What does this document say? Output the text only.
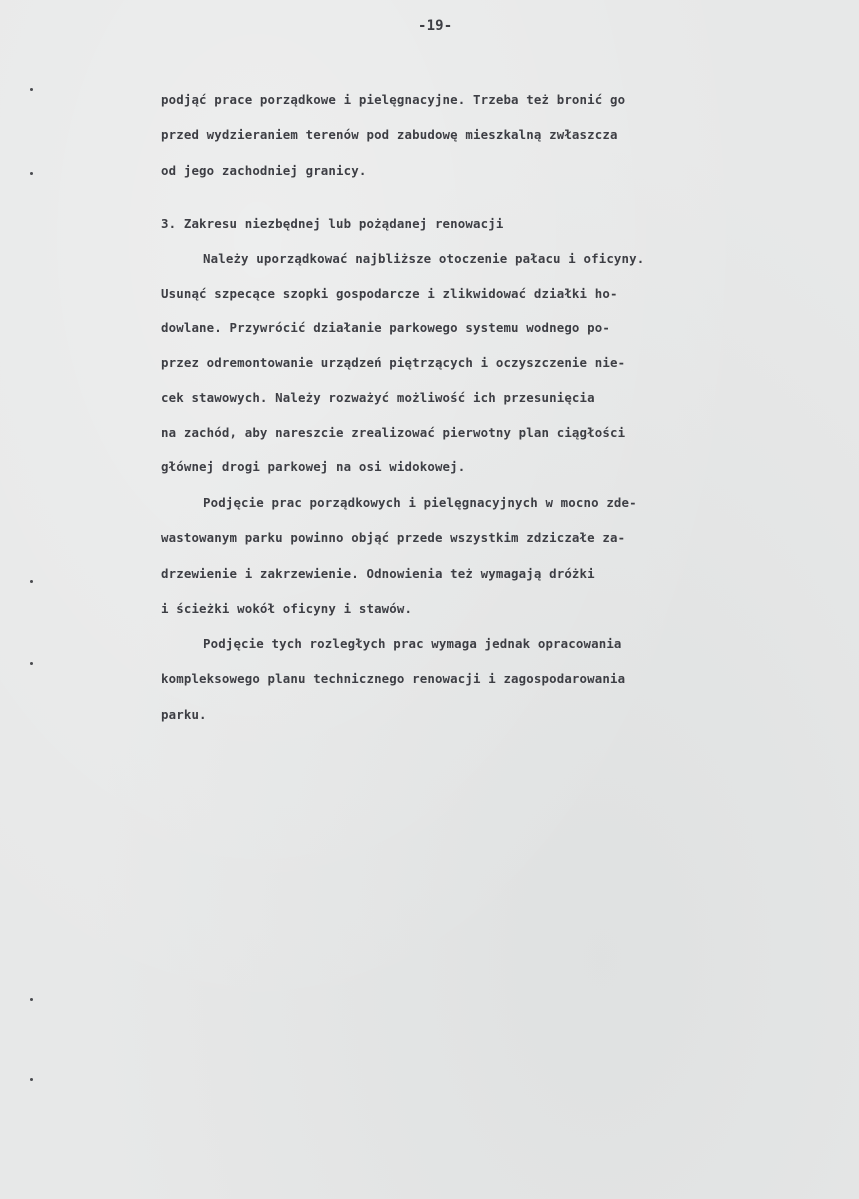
-19-
podjąć prace porządkowe i pielęgnacyjne. Trzeba też bronić go
przed wydzieraniem terenów pod zabudowę mieszkalną zwłaszcza
od jego zachodniej granicy.
3. Zakresu niezbędnej lub pożądanej renowacji
Należy uporządkować najbliższe otoczenie pałacu i oficyny.
Usunąć szpecące szopki gospodarcze i zlikwidować działki ho-
dowlane. Przywrócić działanie parkowego systemu wodnego po-
przez odremontowanie urządzeń piętrzących i oczyszczenie nie-
cek stawowych. Należy rozważyć możliwość ich przesunięcia
na zachód, aby nareszcie zrealizować pierwotny plan ciągłości
głównej drogi parkowej na osi widokowej.
Podjęcie prac porządkowych i pielęgnacyjnych w mocno zde-
wastowanym parku powinno objąć przede wszystkim zdziczałe za-
drzewienie i zakrzewienie. Odnowienia też wymagają dróżki
i ścieżki wokół oficyny i stawów.
Podjęcie tych rozległych prac wymaga jednak opracowania
kompleksowego planu technicznego renowacji i zagospodarowania
parku.
